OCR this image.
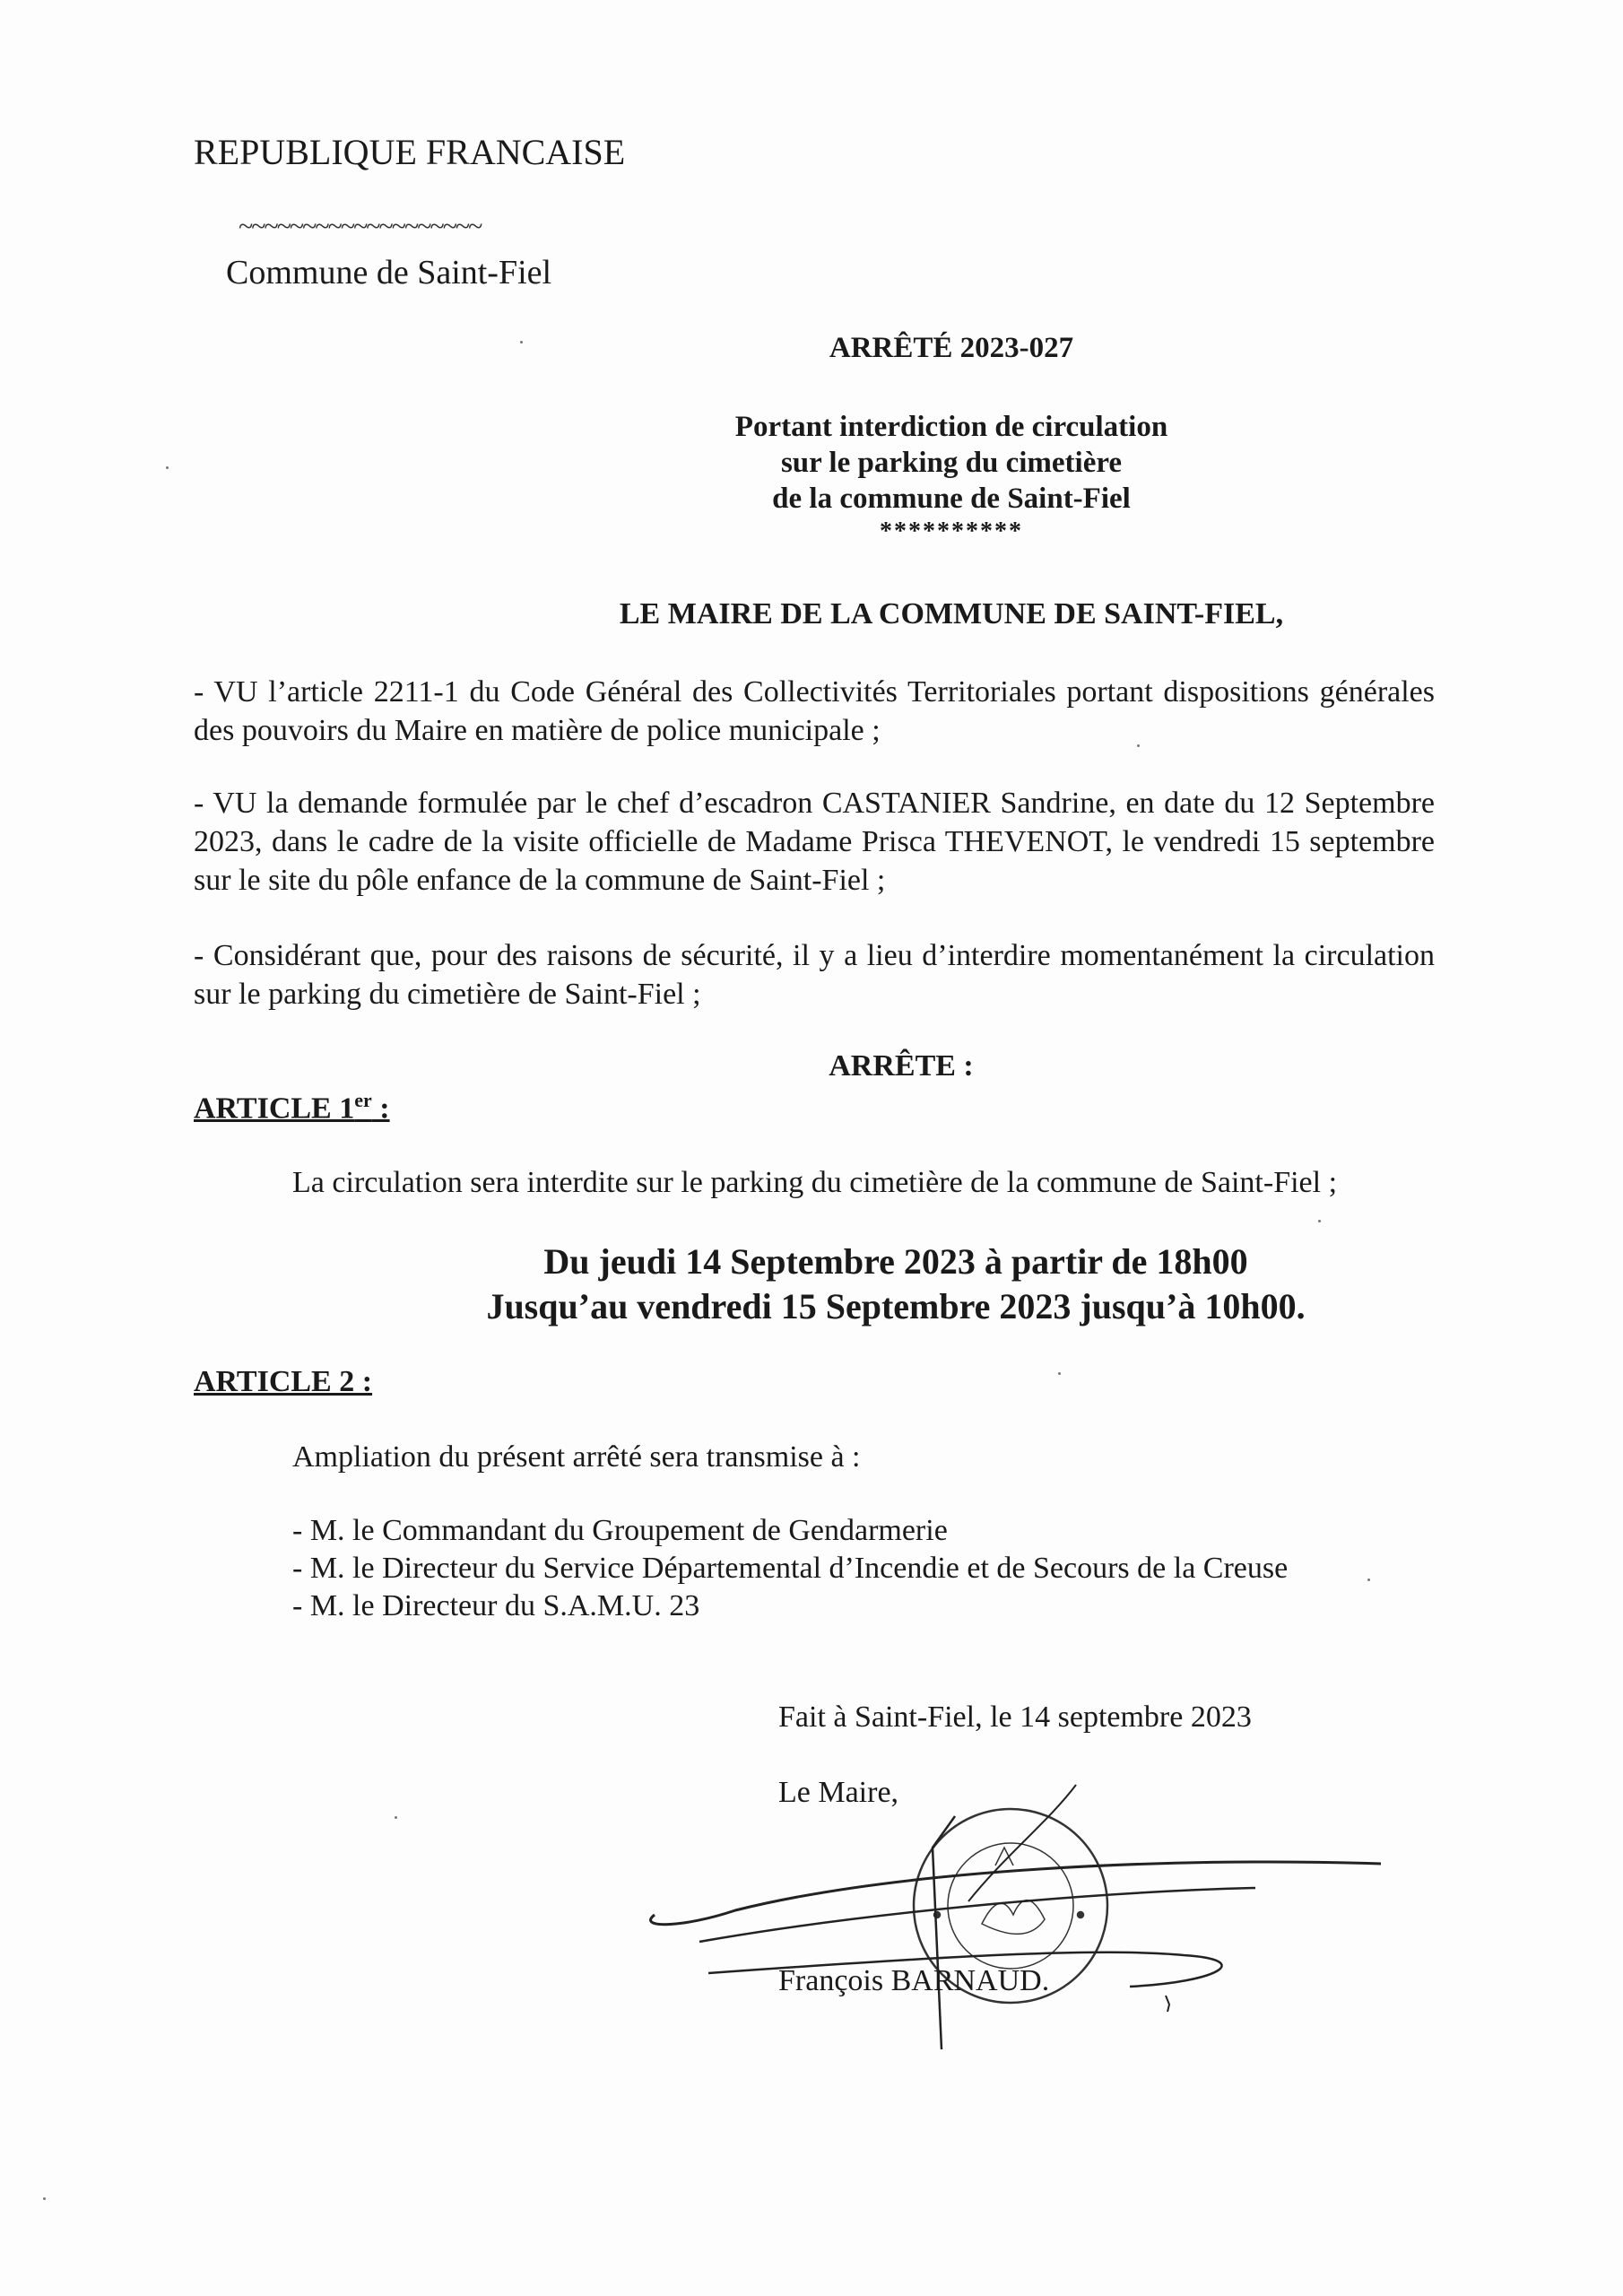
REPUBLIQUE FRANCAISE
~~~~~~~~~~~~~~~~~~~
Commune de Saint-Fiel
ARRÊTÉ 2023-027
Portant interdiction de circulation
sur le parking du cimetière
de la commune de Saint-Fiel
**********
LE MAIRE DE LA COMMUNE DE SAINT-FIEL,
- VU l’article 2211-1 du Code Général des Collectivités Territoriales portant dispositions générales des pouvoirs du Maire en matière de police municipale ;
- VU la demande formulée par le chef d’escadron CASTANIER Sandrine, en date du 12 Septembre 2023, dans le cadre de la visite officielle de Madame Prisca THEVENOT, le vendredi 15 septembre sur le site du pôle enfance de la commune de Saint-Fiel ;
- Considérant que, pour des raisons de sécurité, il y a lieu d’interdire momentanément la circulation sur le parking du cimetière de Saint-Fiel ;
ARRÊTE :
ARTICLE 1er :
La circulation sera interdite sur le parking du cimetière de la commune de Saint-Fiel ;
Du jeudi 14 Septembre 2023 à partir de 18h00
Jusqu’au vendredi 15 Septembre 2023 jusqu’à 10h00.
ARTICLE 2 :
Ampliation du présent arrêté sera transmise à :
- M. le Commandant du Groupement de Gendarmerie
- M. le Directeur du Service Départemental d’Incendie et de Secours de la Creuse
- M. le Directeur du S.A.M.U. 23
Fait à Saint-Fiel, le 14 septembre 2023
Le Maire,
François BARNAUD.
